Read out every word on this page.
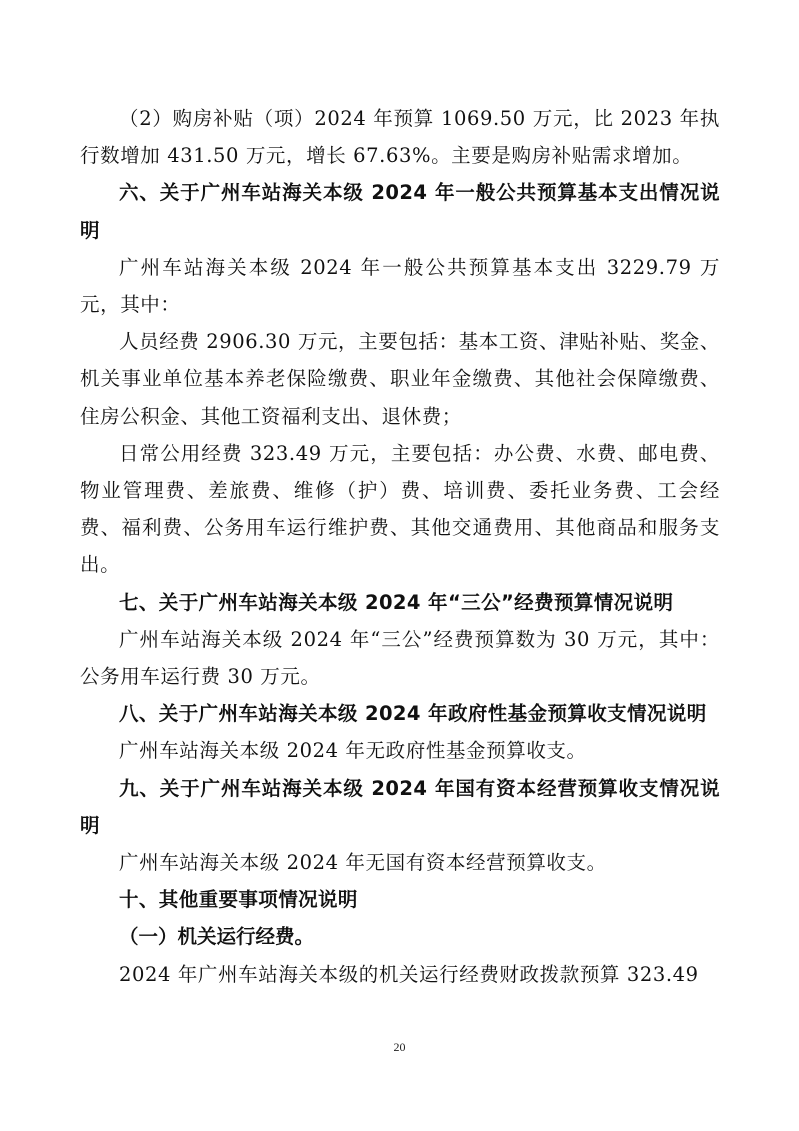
（2）购房补贴（项）2024 年预算 1069.50 万元，比 2023 年执行数增加 431.50 万元，增长 67.63%。主要是购房补贴需求增加。

六、关于广州车站海关本级 2024 年一般公共预算基本支出情况说明

广州车站海关本级 2024 年一般公共预算基本支出 3229.79 万元，其中：

人员经费 2906.30 万元，主要包括：基本工资、津贴补贴、奖金、机关事业单位基本养老保险缴费、职业年金缴费、其他社会保障缴费、住房公积金、其他工资福利支出、退休费；

日常公用经费 323.49 万元，主要包括：办公费、水费、邮电费、物业管理费、差旅费、维修（护）费、培训费、委托业务费、工会经费、福利费、公务用车运行维护费、其他交通费用、其他商品和服务支出。

七、关于广州车站海关本级 2024 年“三公”经费预算情况说明

广州车站海关本级 2024 年“三公”经费预算数为 30 万元，其中：公务用车运行费 30 万元。

八、关于广州车站海关本级 2024 年政府性基金预算收支情况说明

广州车站海关本级 2024 年无政府性基金预算收支。

九、关于广州车站海关本级 2024 年国有资本经营预算收支情况说明

广州车站海关本级 2024 年无国有资本经营预算收支。

十、其他重要事项情况说明

（一）机关运行经费。

2024 年广州车站海关本级的机关运行经费财政拨款预算 323.49

20
